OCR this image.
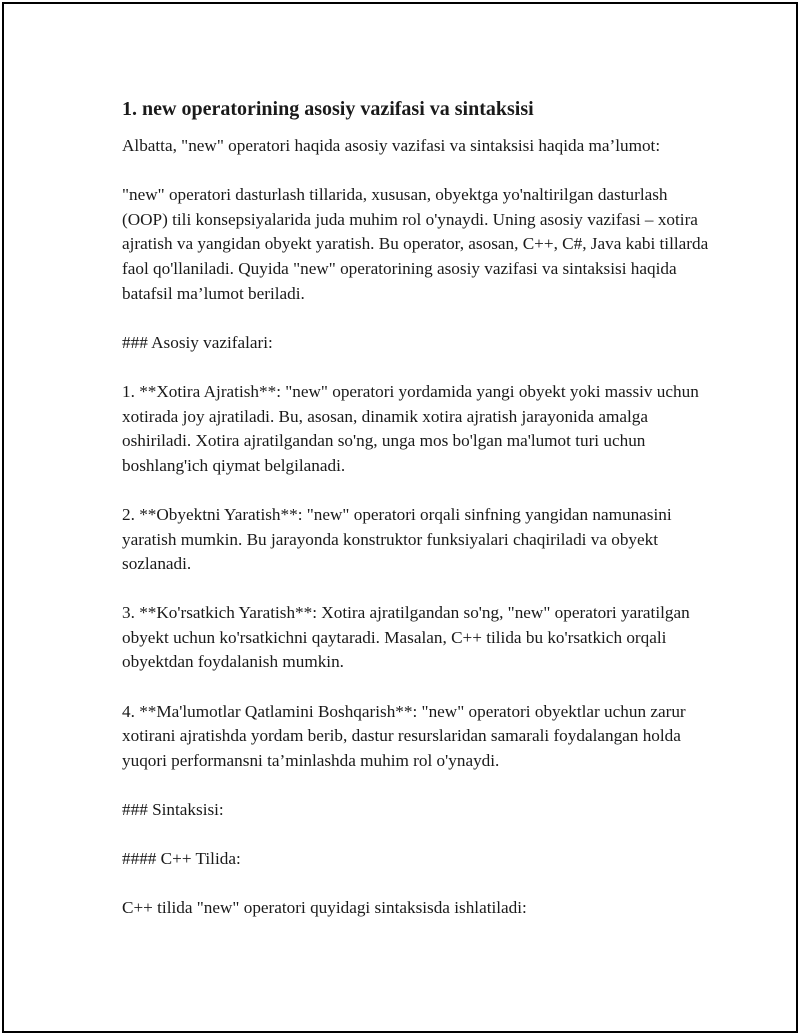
1. new operatorining asosiy vazifasi va sintaksisi

Albatta, "new" operatori haqida asosiy vazifasi va sintaksisi haqida ma’lumot:

"new" operatori dasturlash tillarida, xususan, obyektga yo'naltirilgan dasturlash (OOP) tili konsepsiyalarida juda muhim rol o'ynaydi. Uning asosiy vazifasi – xotira ajratish va yangidan obyekt yaratish. Bu operator, asosan, C++, C#, Java kabi tillarda faol qo'llaniladi. Quyida "new" operatorining asosiy vazifasi va sintaksisi haqida batafsil ma’lumot beriladi.

### Asosiy vazifalari:

1. **Xotira Ajratish**: "new" operatori yordamida yangi obyekt yoki massiv uchun xotirada joy ajratiladi. Bu, asosan, dinamik xotira ajratish jarayonida amalga oshiriladi. Xotira ajratilgandan so'ng, unga mos bo'lgan ma'lumot turi uchun boshlang'ich qiymat belgilanadi.

2. **Obyektni Yaratish**: "new" operatori orqali sinfning yangidan namunasini yaratish mumkin. Bu jarayonda konstruktor funksiyalari chaqiriladi va obyekt sozlanadi.

3. **Ko'rsatkich Yaratish**: Xotira ajratilgandan so'ng, "new" operatori yaratilgan obyekt uchun ko'rsatkichni qaytaradi. Masalan, C++ tilida bu ko'rsatkich orqali obyektdan foydalanish mumkin.

4. **Ma'lumotlar Qatlamini Boshqarish**: "new" operatori obyektlar uchun zarur xotirani ajratishda yordam berib, dastur resurslaridan samarali foydalangan holda yuqori performansni ta’minlashda muhim rol o'ynaydi.

### Sintaksisi:

#### C++ Tilida:

C++ tilida "new" operatori quyidagi sintaksisda ishlatiladi:
